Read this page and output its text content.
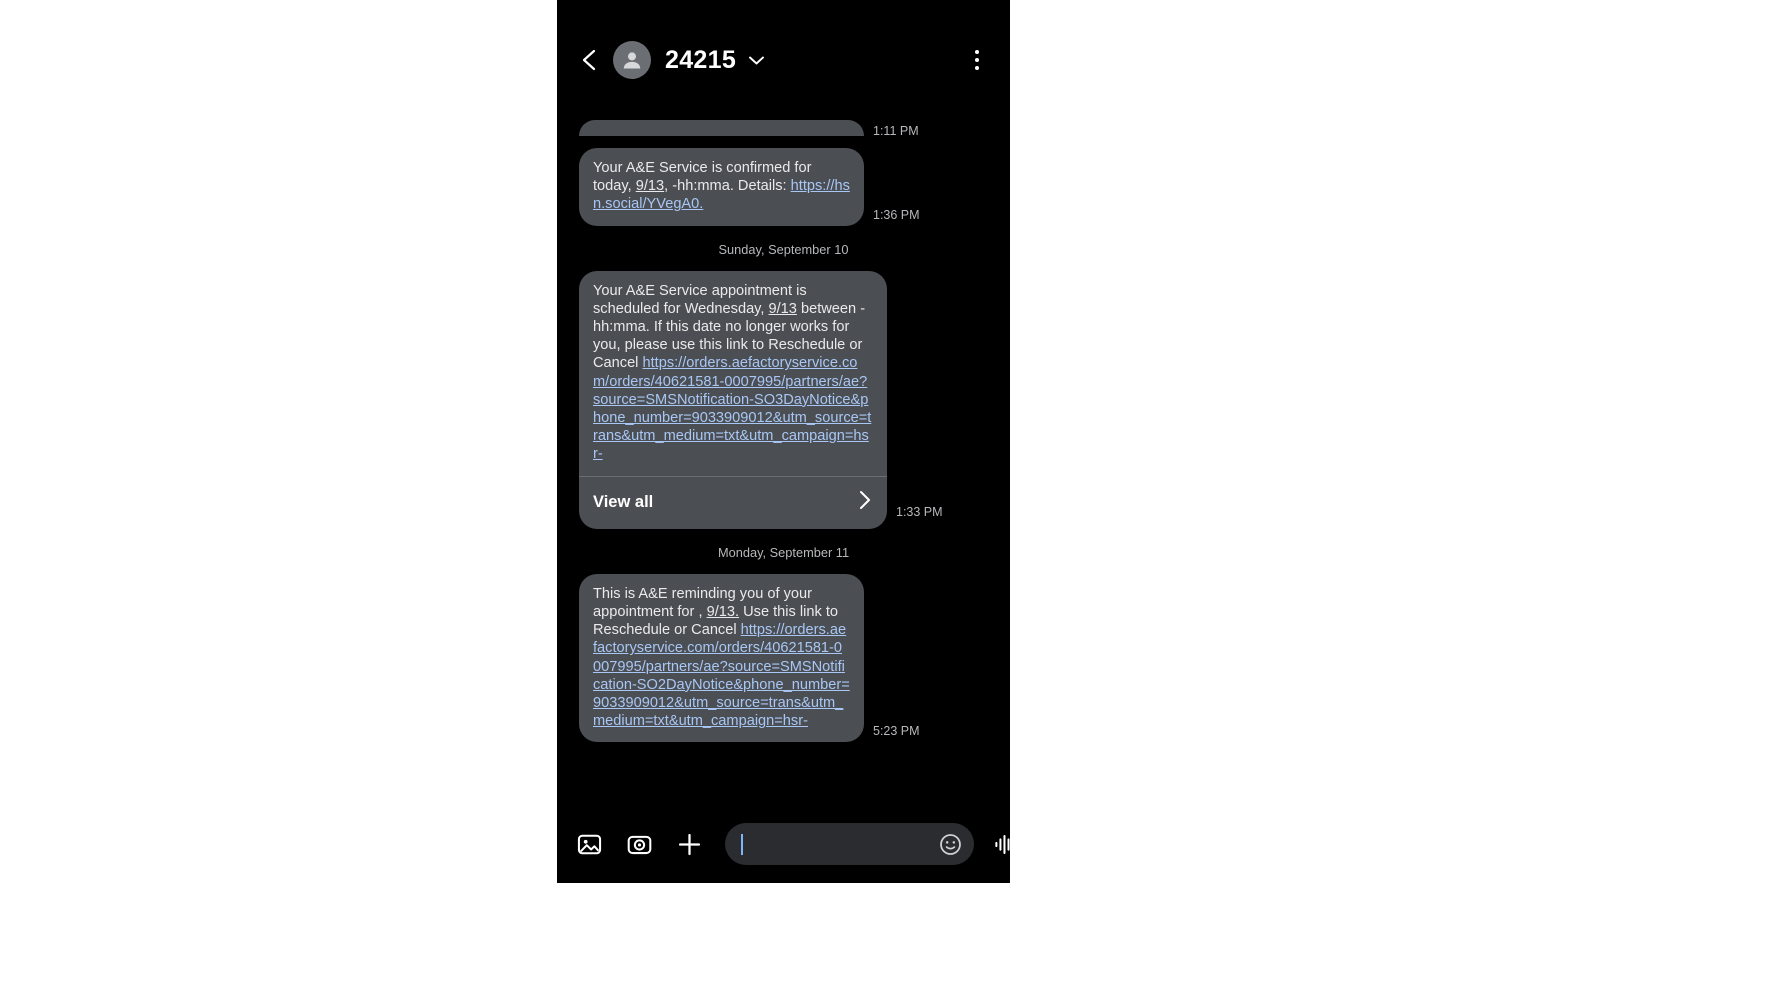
24215
1:11 PM
Your A&E Service is confirmed for today, 9/13, -hh:mma. Details: https://hsn.social/YVegA0.
1:36 PM
Sunday, September 10
Your A&E Service appointment is scheduled for Wednesday, 9/13 between -hh:mma. If this date no longer works for you, please use this link to Reschedule or Cancel https://orders.aefactoryservice.com/orders/40621581-0007995/partners/ae?source=SMSNotification-SO3DayNotice&phone_number=9033909012&utm_source=trans&utm_medium=txt&utm_campaign=hsr-
View all
1:33 PM
Monday, September 11
This is A&E reminding you of your appointment for , 9/13. Use this link to Reschedule or Cancel https://orders.aefactoryservice.com/orders/40621581-0007995/partners/ae?source=SMSNotification-SO2DayNotice&phone_number=9033909012&utm_source=trans&utm_medium=txt&utm_campaign=hsr-
5:23 PM
